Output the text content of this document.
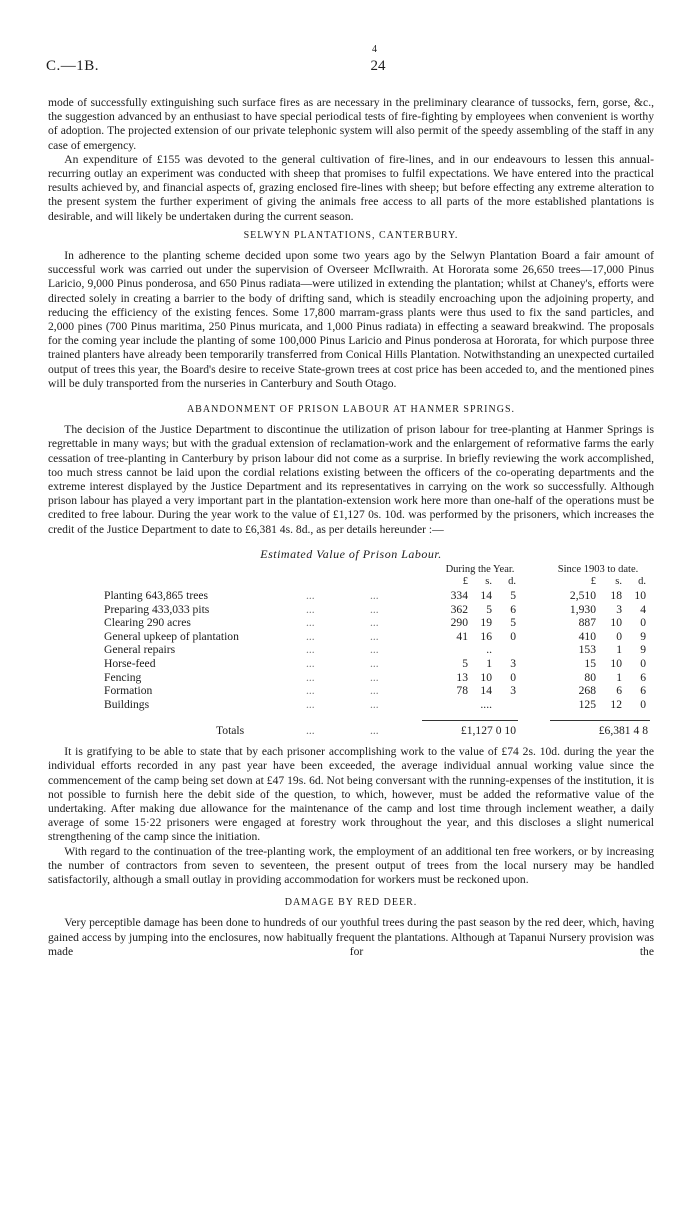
C.—1B.
4
24

mode of successfully extinguishing such surface fires as are necessary in the preliminary clearance of tussocks, fern, gorse, &c., the suggestion advanced by an enthusiast to have special periodical tests of fire-fighting by employees when convenient is worthy of adoption. The projected extension of our private telephonic system will also permit of the speedy assembling of the staff in any case of emergency.

An expenditure of £155 was devoted to the general cultivation of fire-lines, and in our endeavours to lessen this annual-recurring outlay an experiment was conducted with sheep that promises to fulfil expectations. We have entered into the practical results achieved by, and financial aspects of, grazing enclosed fire-lines with sheep; but before effecting any extreme alteration to the present system the further experiment of giving the animals free access to all parts of the more established plantations is desirable, and will likely be undertaken during the current season.

SELWYN PLANTATIONS, CANTERBURY.

In adherence to the planting scheme decided upon some two years ago by the Selwyn Plantation Board a fair amount of successful work was carried out under the supervision of Overseer McIlwraith. At Hororata some 26,650 trees—17,000 Pinus Laricio, 9,000 Pinus ponderosa, and 650 Pinus radiata—were utilized in extending the plantation; whilst at Chaney's, efforts were directed solely in creating a barrier to the body of drifting sand, which is steadily encroaching upon the adjoining property, and reducing the efficiency of the existing fences. Some 17,800 marram-grass plants were thus used to fix the sand particles, and 2,000 pines (700 Pinus maritima, 250 Pinus muricata, and 1,000 Pinus radiata) in effecting a seaward breakwind. The proposals for the coming year include the planting of some 100,000 Pinus Laricio and Pinus ponderosa at Hororata, for which purpose three trained planters have already been temporarily transferred from Conical Hills Plantation. Notwithstanding an unexpected curtailed output of trees this year, the Board's desire to receive State-grown trees at cost price has been acceded to, and the mentioned pines will be duly transported from the nurseries in Canterbury and South Otago.

ABANDONMENT OF PRISON LABOUR AT HANMER SPRINGS.

The decision of the Justice Department to discontinue the utilization of prison labour for tree-planting at Hanmer Springs is regrettable in many ways; but with the gradual extension of reclamation-work and the enlargement of reformative farms the early cessation of tree-planting in Canterbury by prison labour did not come as a surprise. In briefly reviewing the work accomplished, too much stress cannot be laid upon the cordial relations existing between the officers of the co-operating departments and the extreme interest displayed by the Justice Department and its representatives in carrying on the work so successfully. Although prison labour has played a very important part in the plantation-extension work here more than one-half of the operations must be credited to free labour. During the year work to the value of £1,127 0s. 10d. was performed by the prisoners, which increases the credit of the Justice Department to date to £6,381 4s. 8d., as per details hereunder :—

Estimated Value of Prison Labour.
During the Year.	Since 1903 to date.
£	s.	d.	£	s.	d.
Planting 643,865 trees	...	...	334	14	5	2,510	18	10
Preparing 433,033 pits	...	...	362	5	6	1,930	3	4
Clearing 290 acres	...	...	290	19	5	887	10	0
General upkeep of plantation	...	...	41	16	0	410	0	9
General repairs	...	...	..	153	1	9
Horse-feed	...	...	5	1	3	15	10	0
Fencing	...	...	13	10	0	80	1	6
Formation	...	...	78	14	3	268	6	6
Buildings	...	...	....	125	12	0
Totals	...	...	£1,127 0 10	£6,381 4 8

It is gratifying to be able to state that by each prisoner accomplishing work to the value of £74 2s. 10d. during the year the individual efforts recorded in any past year have been exceeded, the average individual annual working value since the commencement of the camp being set down at £47 19s. 6d. Not being conversant with the running-expenses of the institution, it is not possible to furnish here the debit side of the question, to which, however, must be added the reformative value of the undertaking. After making due allowance for the maintenance of the camp and lost time through inclement weather, a daily average of some 15·22 prisoners were engaged at forestry work throughout the year, and this discloses a slight numerical strengthening of the camp since the initiation.

With regard to the continuation of the tree-planting work, the employment of an additional ten free workers, or by increasing the number of contractors from seven to seventeen, the present output of trees from the local nursery may be handled satisfactorily, although a small outlay in providing accommodation for workers must be reckoned upon.

DAMAGE BY RED DEER.

Very perceptible damage has been done to hundreds of our youthful trees during the past season by the red deer, which, having gained access by jumping into the enclosures, now habitually frequent the plantations. Although at Tapanui Nursery provision was made for the
